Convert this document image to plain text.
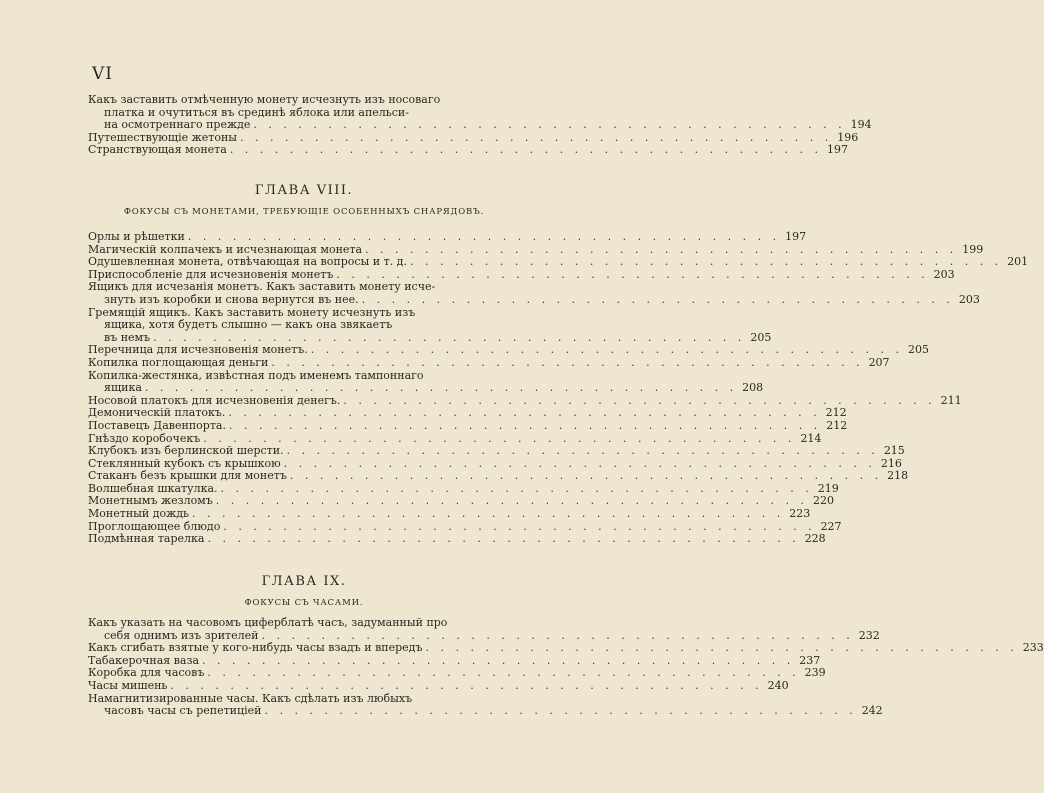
VI
Какъ заставить отмѣченную монету исчезнуть изъ носоваго
платка и очутиться въ срединѣ яблока или апельси-
на осмотреннаго прежде . . . . . . . . . . . . . . . . . . . . . . . . . . . . . . . . . . . . . . . . 194
Путешествующіе жетоны . . . . . . . . . . . . . . . . . . . . . . . . . . . . . . . . . . . . . . . . 196
Странствующая монета . . . . . . . . . . . . . . . . . . . . . . . . . . . . . . . . . . . . . . . . 197
ГЛАВА VIII.
ФОКУСЫ СЪ МОНЕТАМИ, ТРЕБУЮЩІЕ ОСОБЕННЫХЪ СНАРЯДОВЪ.
Орлы и рѣшетки . . . . . . . . . . . . . . . . . . . . . . . . . . . . . . . . . . . . . . . . 197
Магическій колпачекъ и исчезнающая монета . . . . . . . . . . . . . . . . . . . . . . . . . . . . . . . . . . . . . . . . 199
Одушевленная монета, отвѣчающая на вопросы и т. д. . . . . . . . . . . . . . . . . . . . . . . . . . . . . . . . . . . . . . . . . 201
Приспособленіе для исчезновенія монетъ . . . . . . . . . . . . . . . . . . . . . . . . . . . . . . . . . . . . . . . . 203
Ящикъ для исчезанія монетъ. Какъ заставить монету исче-
знуть изъ коробки и снова вернутся въ нее. . . . . . . . . . . . . . . . . . . . . . . . . . . . . . . . . . . . . . . . . 203
Гремящій ящикъ. Какъ заставить монету исчезнуть изъ
ящика, хотя будетъ слышно — какъ она звякаетъ
въ немъ . . . . . . . . . . . . . . . . . . . . . . . . . . . . . . . . . . . . . . . . 205
Перечница для исчезновенія монетъ. . . . . . . . . . . . . . . . . . . . . . . . . . . . . . . . . . . . . . . . . 205
Копилка поглощающая деньги . . . . . . . . . . . . . . . . . . . . . . . . . . . . . . . . . . . . . . . . 207
Копилка-жестянка, извѣстная подъ именемъ тампоннаго
ящика . . . . . . . . . . . . . . . . . . . . . . . . . . . . . . . . . . . . . . . . 208
Носовой платокъ для исчезновенія денегъ. . . . . . . . . . . . . . . . . . . . . . . . . . . . . . . . . . . . . . . . . 211
Демоническій платокъ. . . . . . . . . . . . . . . . . . . . . . . . . . . . . . . . . . . . . . . . . 212
Поставецъ Давенпорта. . . . . . . . . . . . . . . . . . . . . . . . . . . . . . . . . . . . . . . . . 212
Гнѣздо коробочекъ . . . . . . . . . . . . . . . . . . . . . . . . . . . . . . . . . . . . . . . . 214
Клубокъ изъ берлинской шерсти. . . . . . . . . . . . . . . . . . . . . . . . . . . . . . . . . . . . . . . . . 215
Стеклянный кубокъ съ крышкою . . . . . . . . . . . . . . . . . . . . . . . . . . . . . . . . . . . . . . . . 216
Стаканъ безъ крышки для монетъ . . . . . . . . . . . . . . . . . . . . . . . . . . . . . . . . . . . . . . . . 218
Волшебная шкатулка. . . . . . . . . . . . . . . . . . . . . . . . . . . . . . . . . . . . . . . . . 219
Монетнымъ жезломъ . . . . . . . . . . . . . . . . . . . . . . . . . . . . . . . . . . . . . . . . 220
Монетный дождь . . . . . . . . . . . . . . . . . . . . . . . . . . . . . . . . . . . . . . . . 223
Проглощающее блюдо . . . . . . . . . . . . . . . . . . . . . . . . . . . . . . . . . . . . . . . . 227
Подмѣнная тарелка . . . . . . . . . . . . . . . . . . . . . . . . . . . . . . . . . . . . . . . . 228
ГЛАВА IX.
ФОКУСЫ СЪ ЧАСАМИ.
Какъ указать на часовомъ циферблатѣ часъ, задуманный про
себя однимъ изъ зрителей . . . . . . . . . . . . . . . . . . . . . . . . . . . . . . . . . . . . . . . . 232
Какъ сгибать взятые у кого-нибудь часы взадъ и впередъ . . . . . . . . . . . . . . . . . . . . . . . . . . . . . . . . . . . . . . . . 233
Табакерочная ваза . . . . . . . . . . . . . . . . . . . . . . . . . . . . . . . . . . . . . . . . 237
Коробка для часовъ . . . . . . . . . . . . . . . . . . . . . . . . . . . . . . . . . . . . . . . . 239
Часы мишень . . . . . . . . . . . . . . . . . . . . . . . . . . . . . . . . . . . . . . . . 240
Намагнитизированные часы. Какъ сдѣлать изъ любыхъ
часовъ часы съ репетиціей . . . . . . . . . . . . . . . . . . . . . . . . . . . . . . . . . . . . . . . . 242
